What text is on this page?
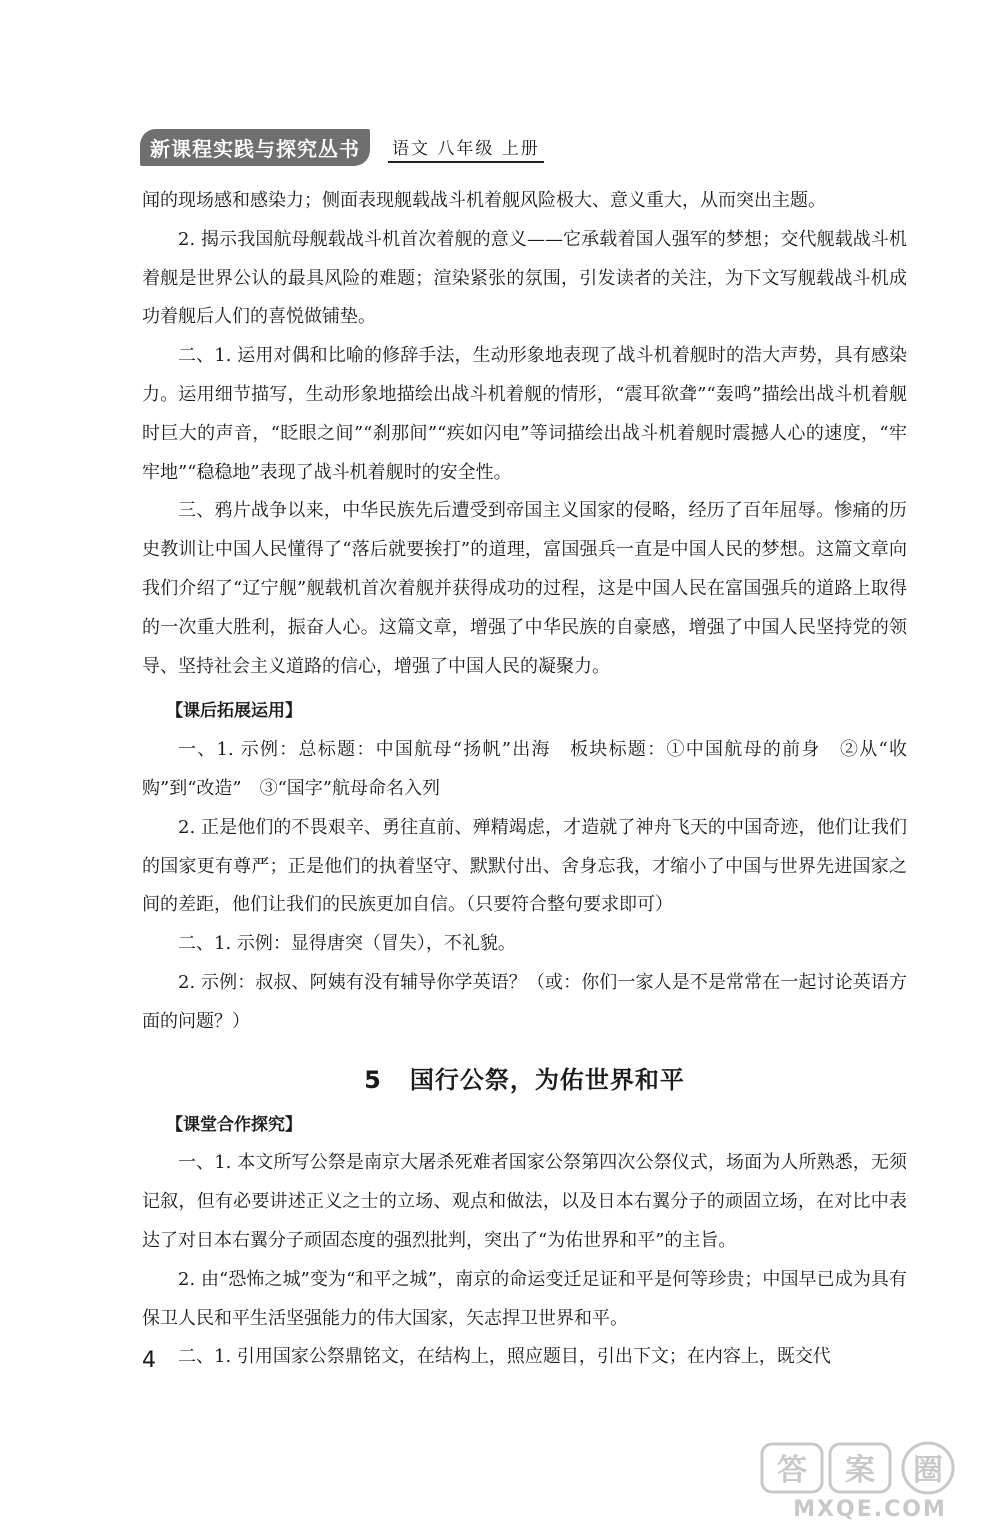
新课程实践与探究丛书	语文 八年级 上册

闻的现场感和感染力；侧面表现舰载战斗机着舰风险极大、意义重大，从而突出主题。

2. 揭示我国航母舰载战斗机首次着舰的意义——它承载着国人强军的梦想；交代舰载战斗机着舰是世界公认的最具风险的难题；渲染紧张的氛围，引发读者的关注，为下文写舰载战斗机成功着舰后人们的喜悦做铺垫。

二、1. 运用对偶和比喻的修辞手法，生动形象地表现了战斗机着舰时的浩大声势，具有感染力。运用细节描写，生动形象地描绘出战斗机着舰的情形，“震耳欲聋”“轰鸣”描绘出战斗机着舰时巨大的声音，“眨眼之间”“刹那间”“疾如闪电”等词描绘出战斗机着舰时震撼人心的速度，“牢牢地”“稳稳地”表现了战斗机着舰时的安全性。

三、鸦片战争以来，中华民族先后遭受到帝国主义国家的侵略，经历了百年屈辱。惨痛的历史教训让中国人民懂得了“落后就要挨打”的道理，富国强兵一直是中国人民的梦想。这篇文章向我们介绍了“辽宁舰”舰载机首次着舰并获得成功的过程，这是中国人民在富国强兵的道路上取得的一次重大胜利，振奋人心。这篇文章，增强了中华民族的自豪感，增强了中国人民坚持党的领导、坚持社会主义道路的信心，增强了中国人民的凝聚力。

【课后拓展运用】

一、1. 示例：总标题：中国航母“扬帆”出海　板块标题：①中国航母的前身　②从“收购”到“改造”　③“国字”航母命名入列

2. 正是他们的不畏艰辛、勇往直前、殚精竭虑，才造就了神舟飞天的中国奇迹，他们让我们的国家更有尊严；正是他们的执着坚守、默默付出、舍身忘我，才缩小了中国与世界先进国家之间的差距，他们让我们的民族更加自信。（只要符合整句要求即可）

二、1. 示例：显得唐突（冒失），不礼貌。

2. 示例：叔叔、阿姨有没有辅导你学英语？（或：你们一家人是不是常常在一起讨论英语方面的问题？）

5 国行公祭，为佑世界和平
【课堂合作探究】

一、1. 本文所写公祭是南京大屠杀死难者国家公祭第四次公祭仪式，场面为人所熟悉，无须记叙，但有必要讲述正义之士的立场、观点和做法，以及日本右翼分子的顽固立场，在对比中表达了对日本右翼分子顽固态度的强烈批判，突出了“为佑世界和平”的主旨。

2. 由“恐怖之城”变为“和平之城”，南京的命运变迁足证和平是何等珍贵；中国早已成为具有保卫人民和平生活坚强能力的伟大国家，矢志捍卫世界和平。

二、1. 引用国家公祭鼎铭文，在结构上，照应题目，引出下文；在内容上，既交代

4
答 案 圈
MXQE.COM
